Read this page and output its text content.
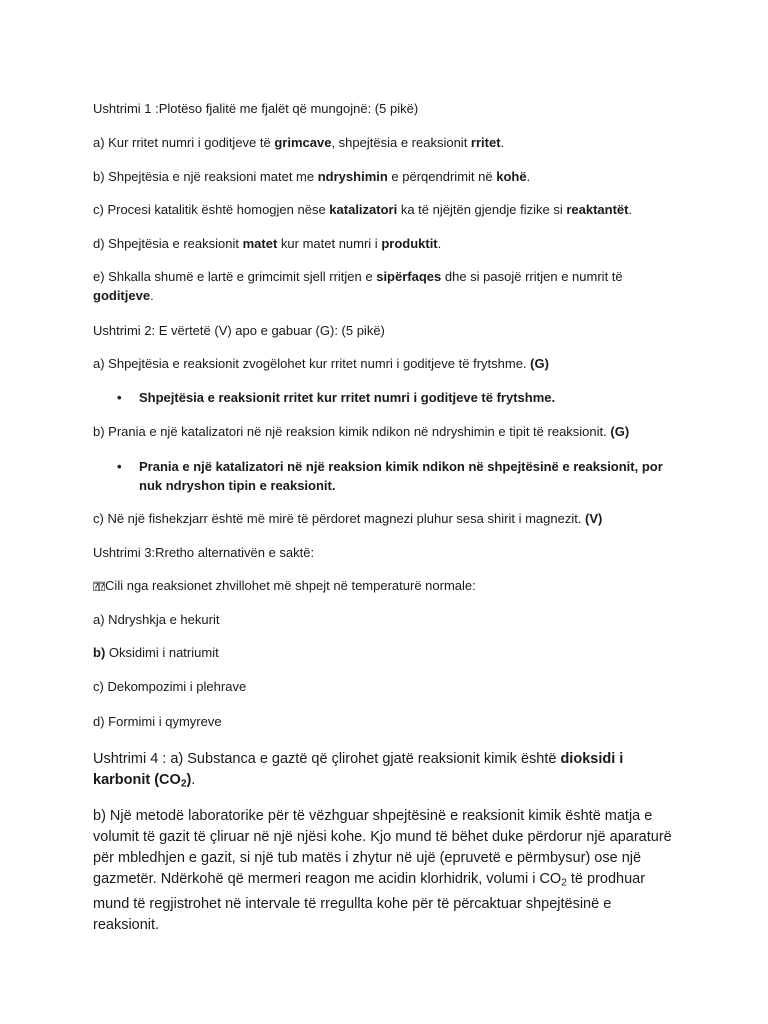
Ushtrimi 1 :Plotëso fjalitë me fjalët që mungojnë: (5 pikë)
a) Kur rritet numri i goditjeve të grimcave, shpejtësia e reaksionit rritet.
b) Shpejtësia e një reaksioni matet me ndryshimin e përqendrimit në kohë.
c) Procesi katalitik është homogjen nëse katalizatori ka të njëjtën gjendje fizike si reaktantët.
d) Shpejtësia e reaksionit matet kur matet numri i produktit.
e) Shkalla shumë e lartë e grimcimit sjell rritjen e sipërfaqes dhe si pasojë rritjen e numrit të goditjeve.
Ushtrimi 2: E vërtetë (V) apo e gabuar (G): (5 pikë)
a) Shpejtësia e reaksionit zvogëlohet kur rritet numri i goditjeve të frytshme. (G)
• Shpejtësia e reaksionit rritet kur rritet numri i goditjeve të frytshme.
b) Prania e një katalizatori në një reaksion kimik ndikon në ndryshimin e tipit të reaksionit. (G)
• Prania e një katalizatori në një reaksion kimik ndikon në shpejtësinë e reaksionit, por nuk ndryshon tipin e reaksionit.
c) Në një fishekzjarr është më mirë të përdoret magnezi pluhur sesa shirit i magnezit. (V)
Ushtrimi 3:Rretho alternativën e saktë:
⍰⍰Cili nga reaksionet zhvillohet më shpejt në temperaturë normale:
a) Ndryshkja e hekurit
b) Oksidimi i natriumit
c) Dekompozimi i plehrave
d) Formimi i qymyreve
Ushtrimi 4 : a) Substanca e gaztë që çlirohet gjatë reaksionit kimik është dioksidi i karbonit $(CO_2)$.
b) Një metodë laboratorike për të vëzhguar shpejtësinë e reaksionit kimik është matja e volumit të gazit të çliruar në një njësi kohe. Kjo mund të bëhet duke përdorur një aparaturë për mbledhjen e gazit, si një tub matës i zhytur në ujë (epruvetë e përmbysur) ose një gazmetër. Ndërkohë që mermeri reagon me acidin klorhidrik, volumi i $CO_2$ të prodhuar mund të regjistrohet në intervale të rregullta kohe për të përcaktuar shpejtësinë e reaksionit.
